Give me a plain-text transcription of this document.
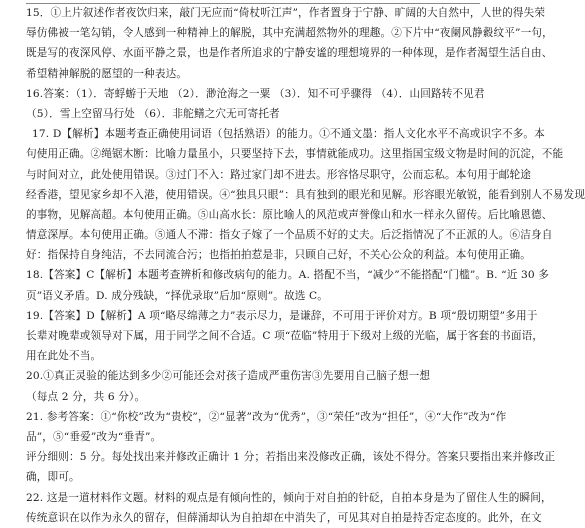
15．①上片叙述作者夜饮归来，敲门无应而“倚杖听江声”，作者置身于宁静、旷阔的大自然中，人世的得失荣
辱仿佛被一笔勾销，令人感到一种精神上的解脱，其中充满超然物外的理趣。②下片中“夜阑风静縠纹平”一句，
既是写的夜深风停、水面平静之景，也是作者所追求的宁静安谧的理想境界的一种体现，是作者渴望生活自由、
希望精神解脱的愿望的一种表达。
16.答案：（1）．寄蜉蝣于天地 （2）．渺沧海之一粟 （3）．知不可乎骤得 （4）．山回路转不见君
（5）．雪上空留马行处 （6）．非舵鳝之穴无可寄托者
17. D【解析】本题考查正确使用词语（包括熟语）的能力。①不通文墨：指人文化水平不高或识字不多。本
句使用正确。②绳锯木断：比喻力量虽小，只要坚持下去，事情就能成功。这里指国宝级文物是时间的沉淀，不能
与时间对立，此处使用错误。③过门不入：路过家门却不进去。形容恪尽职守，公而忘私。本句用于邮轮途
经香港，望见家乡却不入港，使用错误。④“独具只眼”：具有独到的眼光和见解。形容眼光敏锐，能看到别人不易发现
的事物，见解高超。本句使用正确。⑤山高水长：原比喻人的风范或声誉像山和水一样永久留传。后比喻恩德、
情意深厚。本句使用正确。⑤通人不滞：指女子嫁了一个品质不好的丈夫。后泛指情况了不正派的人。⑥洁身自
好：指保持自身纯洁，不去同流合污；也指拍拍惹是非，只顾自己好，不关心公众的利益。本句使用正确。
18.【答案】C【解析】本题考查辨析和修改病句的能力。A. 搭配不当，“减少”不能搭配“门槛”。B. “近 30 多
页”语义矛盾。D. 成分残缺，“择优录取”后加“原则”。故选 C。
19.【答案】D【解析】A 项“略尽绵薄之力”表示尽力，是谦辞，不可用于评价对方。B 项“殷切期望”多用于
长辈对晚辈或领导对下属，用于同学之间不合适。C 项“莅临”特用于下级对上级的光临，属于客套的书面语，
用在此处不当。
20.①真正灵验的能达到多少②可能还会对孩子造成严重伤害③先要用自己脑子想一想
（每点 2 分，共 6 分）。
21. 参考答案：①“你校”改为“贵校”，②“显著”改为“优秀”，③“荣任”改为“担任”，④“大作”改为“作
品”，⑤“垂爱”改为“垂青”。
评分细则：5 分。每处找出来并修改正确计 1 分；若指出来没修改正确，该处不得分。答案只要指出来并修改正
确，即可。
22. 这是一道材料作文题。材料的观点是有倾向性的，倾向于对自拍的针砭，自拍本身是为了留住人生的瞬间，
传统意识在以作为永久的留存，但薛涌却认为自拍却在中消失了，可见其对自拍是持否定态度的。此外，在文
